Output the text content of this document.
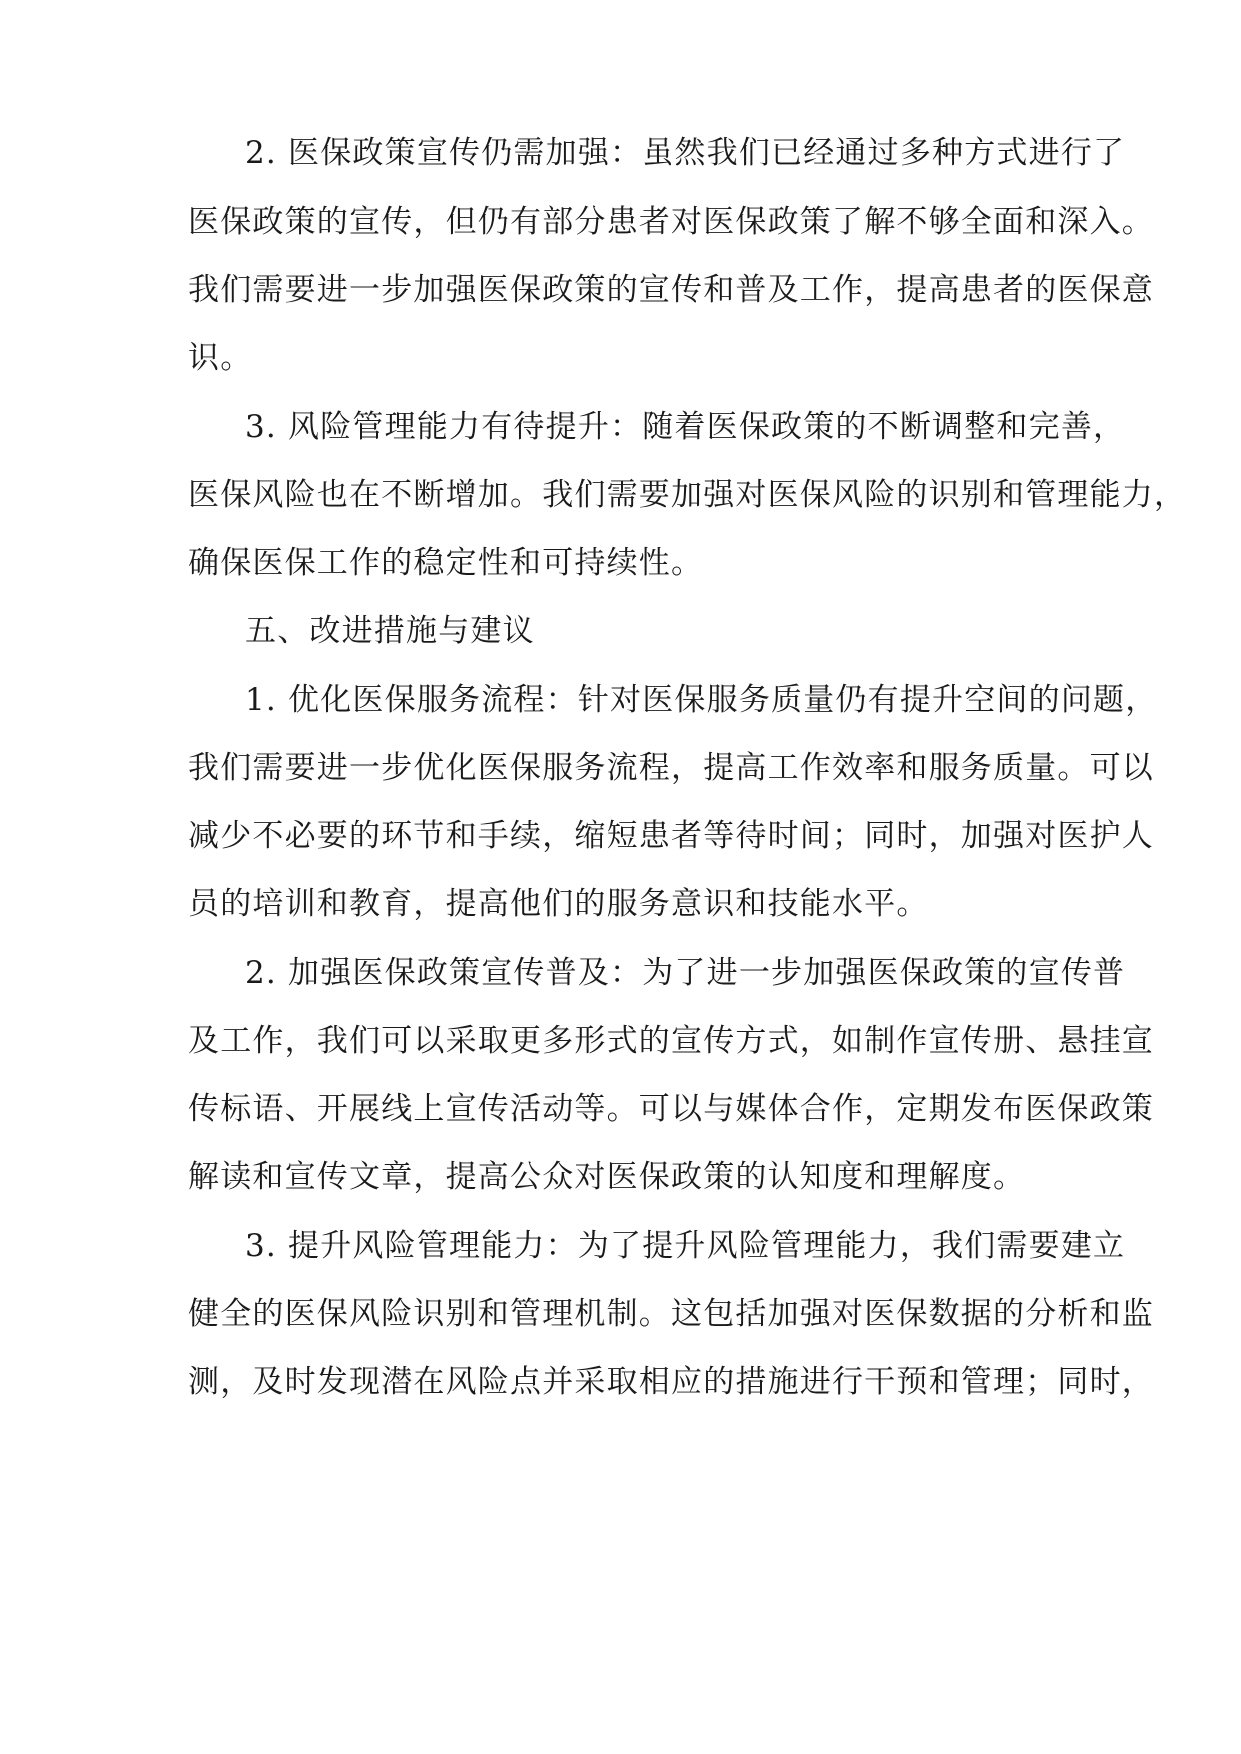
2. 医保政策宣传仍需加强：虽然我们已经通过多种方式进行了
医保政策的宣传，但仍有部分患者对医保政策了解不够全面和深入。
我们需要进一步加强医保政策的宣传和普及工作，提高患者的医保意
识。
3. 风险管理能力有待提升：随着医保政策的不断调整和完善，
医保风险也在不断增加。我们需要加强对医保风险的识别和管理能力，
确保医保工作的稳定性和可持续性。
五、改进措施与建议
1. 优化医保服务流程：针对医保服务质量仍有提升空间的问题，
我们需要进一步优化医保服务流程，提高工作效率和服务质量。可以
减少不必要的环节和手续，缩短患者等待时间；同时，加强对医护人
员的培训和教育，提高他们的服务意识和技能水平。
2. 加强医保政策宣传普及：为了进一步加强医保政策的宣传普
及工作，我们可以采取更多形式的宣传方式，如制作宣传册、悬挂宣
传标语、开展线上宣传活动等。可以与媒体合作，定期发布医保政策
解读和宣传文章，提高公众对医保政策的认知度和理解度。
3. 提升风险管理能力：为了提升风险管理能力，我们需要建立
健全的医保风险识别和管理机制。这包括加强对医保数据的分析和监
测，及时发现潜在风险点并采取相应的措施进行干预和管理；同时，
